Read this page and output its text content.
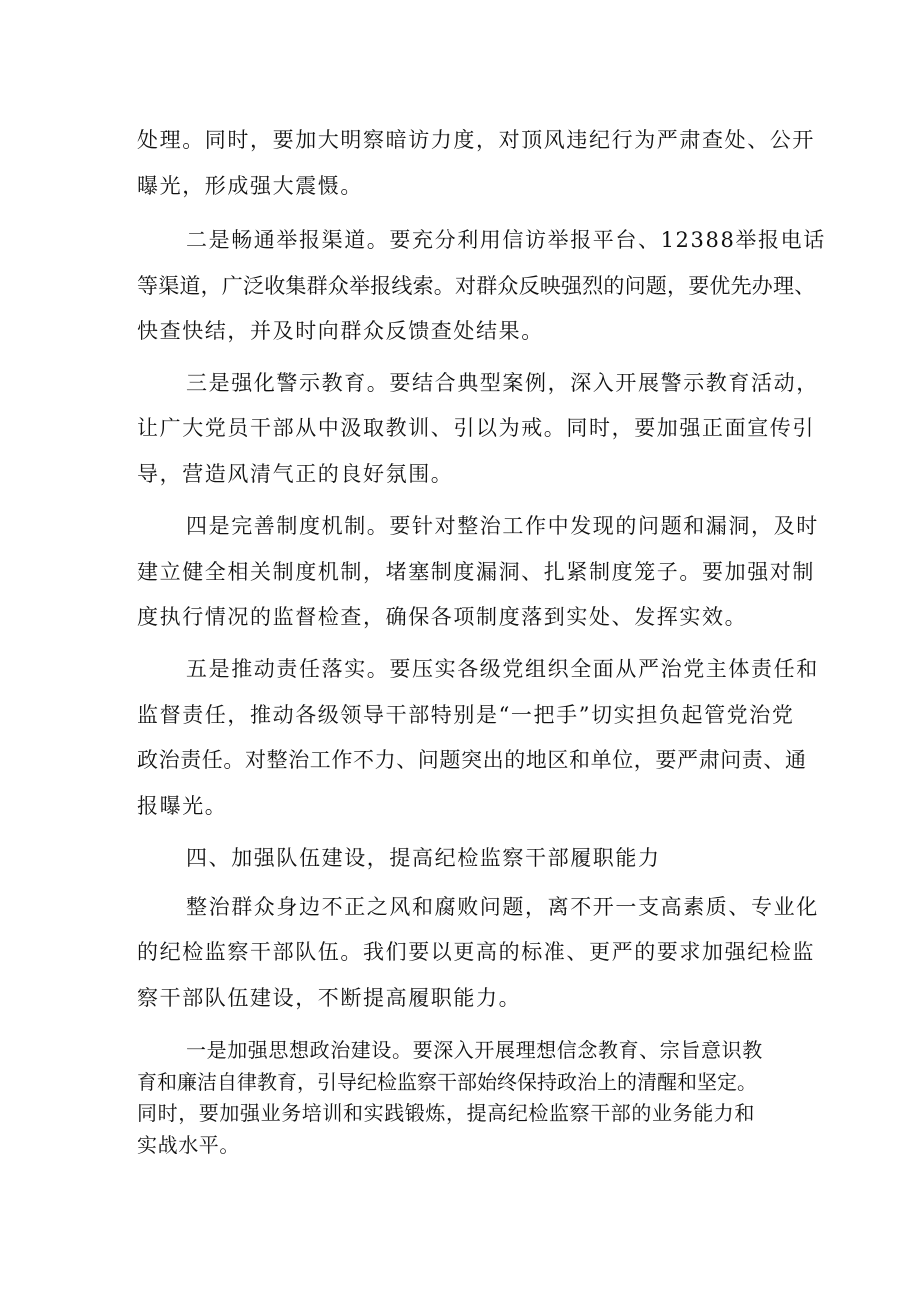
处理。同时，要加大明察暗访力度，对顶风违纪行为严肃查处、公开
曝光，形成强大震慑。
二是畅通举报渠道。要充分利用信访举报平台、12388举报电话
等渠道，广泛收集群众举报线索。对群众反映强烈的问题，要优先办理、
快查快结，并及时向群众反馈查处结果。
三是强化警示教育。要结合典型案例，深入开展警示教育活动，
让广大党员干部从中汲取教训、引以为戒。同时，要加强正面宣传引
导，营造风清气正的良好氛围。
四是完善制度机制。要针对整治工作中发现的问题和漏洞，及时
建立健全相关制度机制，堵塞制度漏洞、扎紧制度笼子。要加强对制
度执行情况的监督检查，确保各项制度落到实处、发挥实效。
五是推动责任落实。要压实各级党组织全面从严治党主体责任和
监督责任，推动各级领导干部特别是“一把手”切实担负起管党治党
政治责任。对整治工作不力、问题突出的地区和单位，要严肃问责、通
报曝光。
四、加强队伍建设，提高纪检监察干部履职能力
整治群众身边不正之风和腐败问题，离不开一支高素质、专业化
的纪检监察干部队伍。我们要以更高的标准、更严的要求加强纪检监
察干部队伍建设，不断提高履职能力。
一是加强思想政治建设。要深入开展理想信念教育、宗旨意识教
育和廉洁自律教育，引导纪检监察干部始终保持政治上的清醒和坚定。
同时，要加强业务培训和实践锻炼，提高纪检监察干部的业务能力和
实战水平。
